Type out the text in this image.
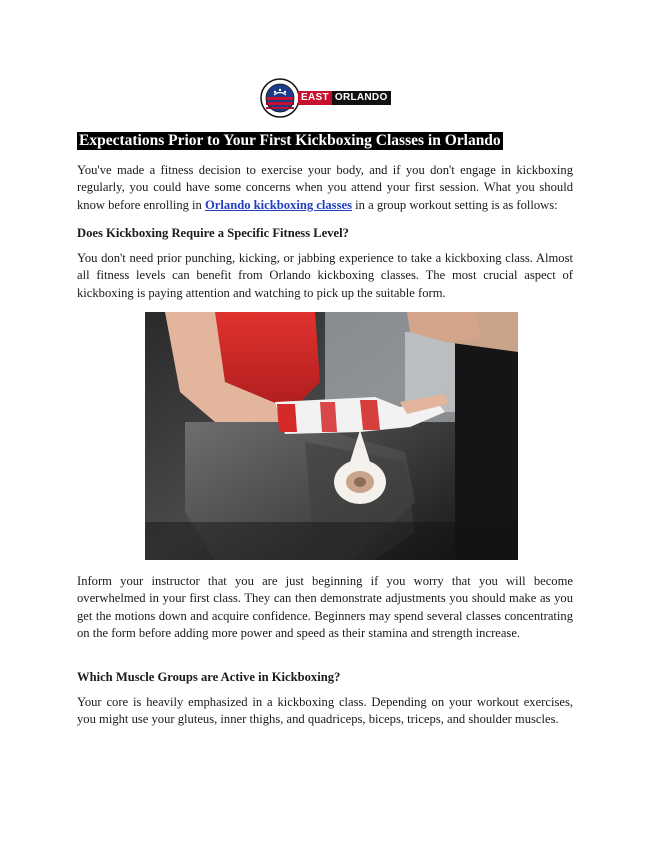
EAST ORLANDO
Expectations Prior to Your First Kickboxing Classes in Orlando

You've made a fitness decision to exercise your body, and if you don't engage in kickboxing regularly, you could have some concerns when you attend your first session. What you should know before enrolling in Orlando kickboxing classes in a group workout setting is as follows:

Does Kickboxing Require a Specific Fitness Level?

You don't need prior punching, kicking, or jabbing experience to take a kickboxing class. Almost all fitness levels can benefit from Orlando kickboxing classes. The most crucial aspect of kickboxing is paying attention and watching to pick up the suitable form.

Inform your instructor that you are just beginning if you worry that you will become overwhelmed in your first class. They can then demonstrate adjustments you should make as you get the motions down and acquire confidence. Beginners may spend several classes concentrating on the form before adding more power and speed as their stamina and strength increase.

Which Muscle Groups are Active in Kickboxing?

Your core is heavily emphasized in a kickboxing class. Depending on your workout exercises, you might use your gluteus, inner thighs, and quadriceps, biceps, triceps, and shoulder muscles.
